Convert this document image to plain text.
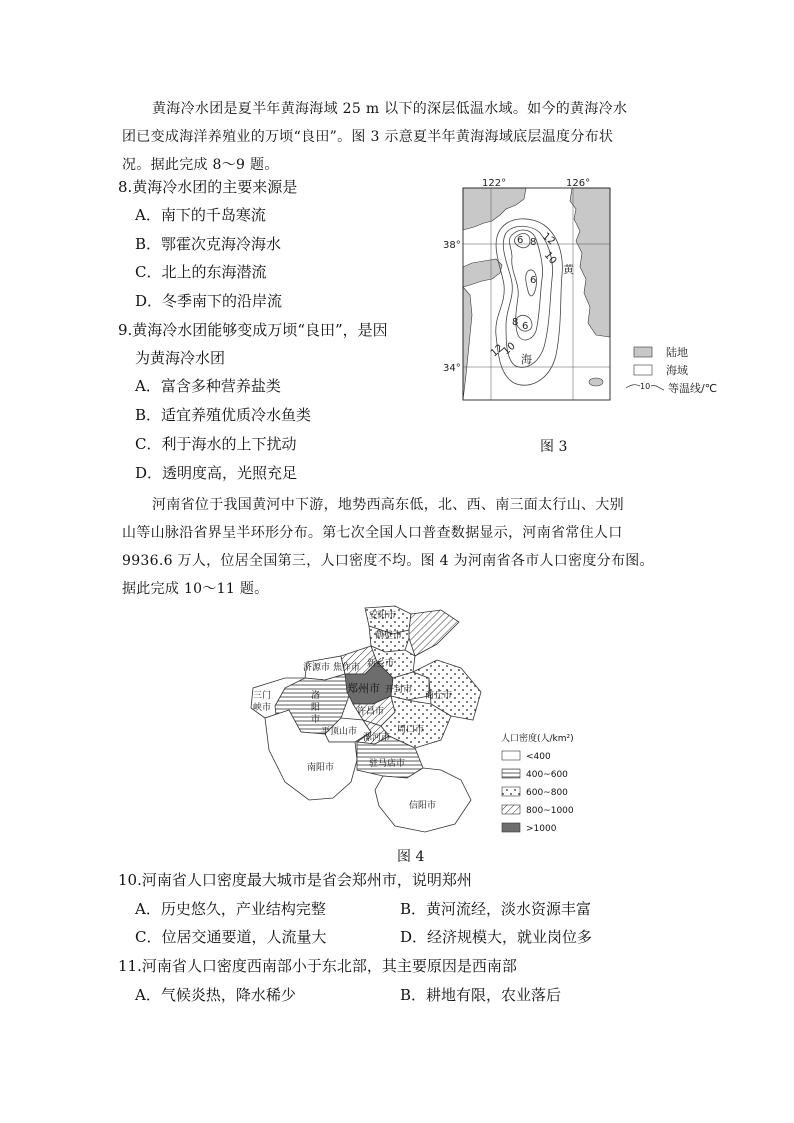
黄海冷水团是夏半年黄海海域 25 m 以下的深层低温水域。如今的黄海冷水
团已变成海洋养殖业的万顷“良田”。图 3 示意夏半年黄海海域底层温度分布状
况。据此完成 8～9 题。
8.黄海冷水团的主要来源是
A．南下的千岛寒流
B．鄂霍次克海冷海水
C．北上的东海潜流
D．冬季南下的沿岸流
9.黄海冷水团能够变成万顷“良田”，是因
为黄海冷水团
A．富含多种营养盐类
B．适宜养殖优质冷水鱼类
C．利于海水的上下扰动
D．透明度高，光照充足
122°	126°
38°
34°
黄
海
6 8 12
10
6
8 6
12
10	陆地
海域
10 等温线/℃
图 3
河南省位于我国黄河中下游，地势西高东低，北、西、南三面太行山、大别
山等山脉沿省界呈半环形分布。第七次全国人口普查数据显示，河南省常住人口
9936.6 万人，位居全国第三，人口密度不均。图 4 为河南省各市人口密度分布图。
据此完成 10～11 题。
安阳市
鹤壁市
济源市 焦作市 新乡市
郑州市 开封市
商丘市
三门
峡市
洛
阳
市
许昌市
平顶山市
漯河市
周口市
南阳市	驻马店市
信阳市
人口密度(人/km²)
<400
400~600
600~800
800~1000
>1000
图 4
10.河南省人口密度最大城市是省会郑州市，说明郑州
A．历史悠久，产业结构完整	B．黄河流经，淡水资源丰富
C．位居交通要道，人流量大	D．经济规模大，就业岗位多
11.河南省人口密度西南部小于东北部，其主要原因是西南部
A．气候炎热，降水稀少	B．耕地有限，农业落后
